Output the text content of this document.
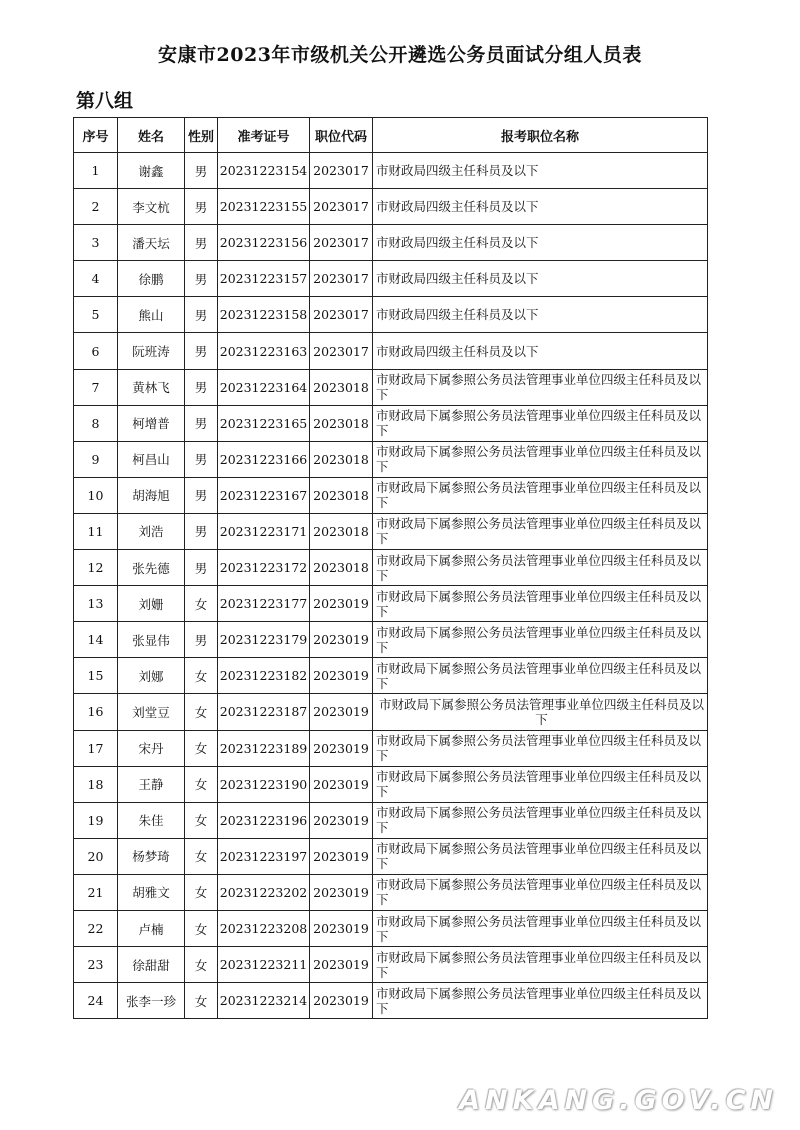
安康市2023年市级机关公开遴选公务员面试分组人员表
第八组
序号	姓名	性别	准考证号	职位代码	报考职位名称
1	谢鑫	男	20231223154	2023017	市财政局四级主任科员及以下
2	李文杭	男	20231223155	2023017	市财政局四级主任科员及以下
3	潘天坛	男	20231223156	2023017	市财政局四级主任科员及以下
4	徐鹏	男	20231223157	2023017	市财政局四级主任科员及以下
5	熊山	男	20231223158	2023017	市财政局四级主任科员及以下
6	阮班涛	男	20231223163	2023017	市财政局四级主任科员及以下
7	黄林飞	男	20231223164	2023018	市财政局下属参照公务员法管理事业单位四级主任科员及以下
8	柯增普	男	20231223165	2023018	市财政局下属参照公务员法管理事业单位四级主任科员及以下
9	柯昌山	男	20231223166	2023018	市财政局下属参照公务员法管理事业单位四级主任科员及以下
10	胡海旭	男	20231223167	2023018	市财政局下属参照公务员法管理事业单位四级主任科员及以下
11	刘浩	男	20231223171	2023018	市财政局下属参照公务员法管理事业单位四级主任科员及以下
12	张先德	男	20231223172	2023018	市财政局下属参照公务员法管理事业单位四级主任科员及以下
13	刘姗	女	20231223177	2023019	市财政局下属参照公务员法管理事业单位四级主任科员及以下
14	张显伟	男	20231223179	2023019	市财政局下属参照公务员法管理事业单位四级主任科员及以下
15	刘娜	女	20231223182	2023019	市财政局下属参照公务员法管理事业单位四级主任科员及以下
16	刘堂豆	女	20231223187	2023019	市财政局下属参照公务员法管理事业单位四级主任科员及以下
17	宋丹	女	20231223189	2023019	市财政局下属参照公务员法管理事业单位四级主任科员及以下
18	王静	女	20231223190	2023019	市财政局下属参照公务员法管理事业单位四级主任科员及以下
19	朱佳	女	20231223196	2023019	市财政局下属参照公务员法管理事业单位四级主任科员及以下
20	杨梦琦	女	20231223197	2023019	市财政局下属参照公务员法管理事业单位四级主任科员及以下
21	胡雅文	女	20231223202	2023019	市财政局下属参照公务员法管理事业单位四级主任科员及以下
22	卢楠	女	20231223208	2023019	市财政局下属参照公务员法管理事业单位四级主任科员及以下
23	徐甜甜	女	20231223211	2023019	市财政局下属参照公务员法管理事业单位四级主任科员及以下
24	张李一珍	女	20231223214	2023019	市财政局下属参照公务员法管理事业单位四级主任科员及以下
ANKANG.GOV.CN
